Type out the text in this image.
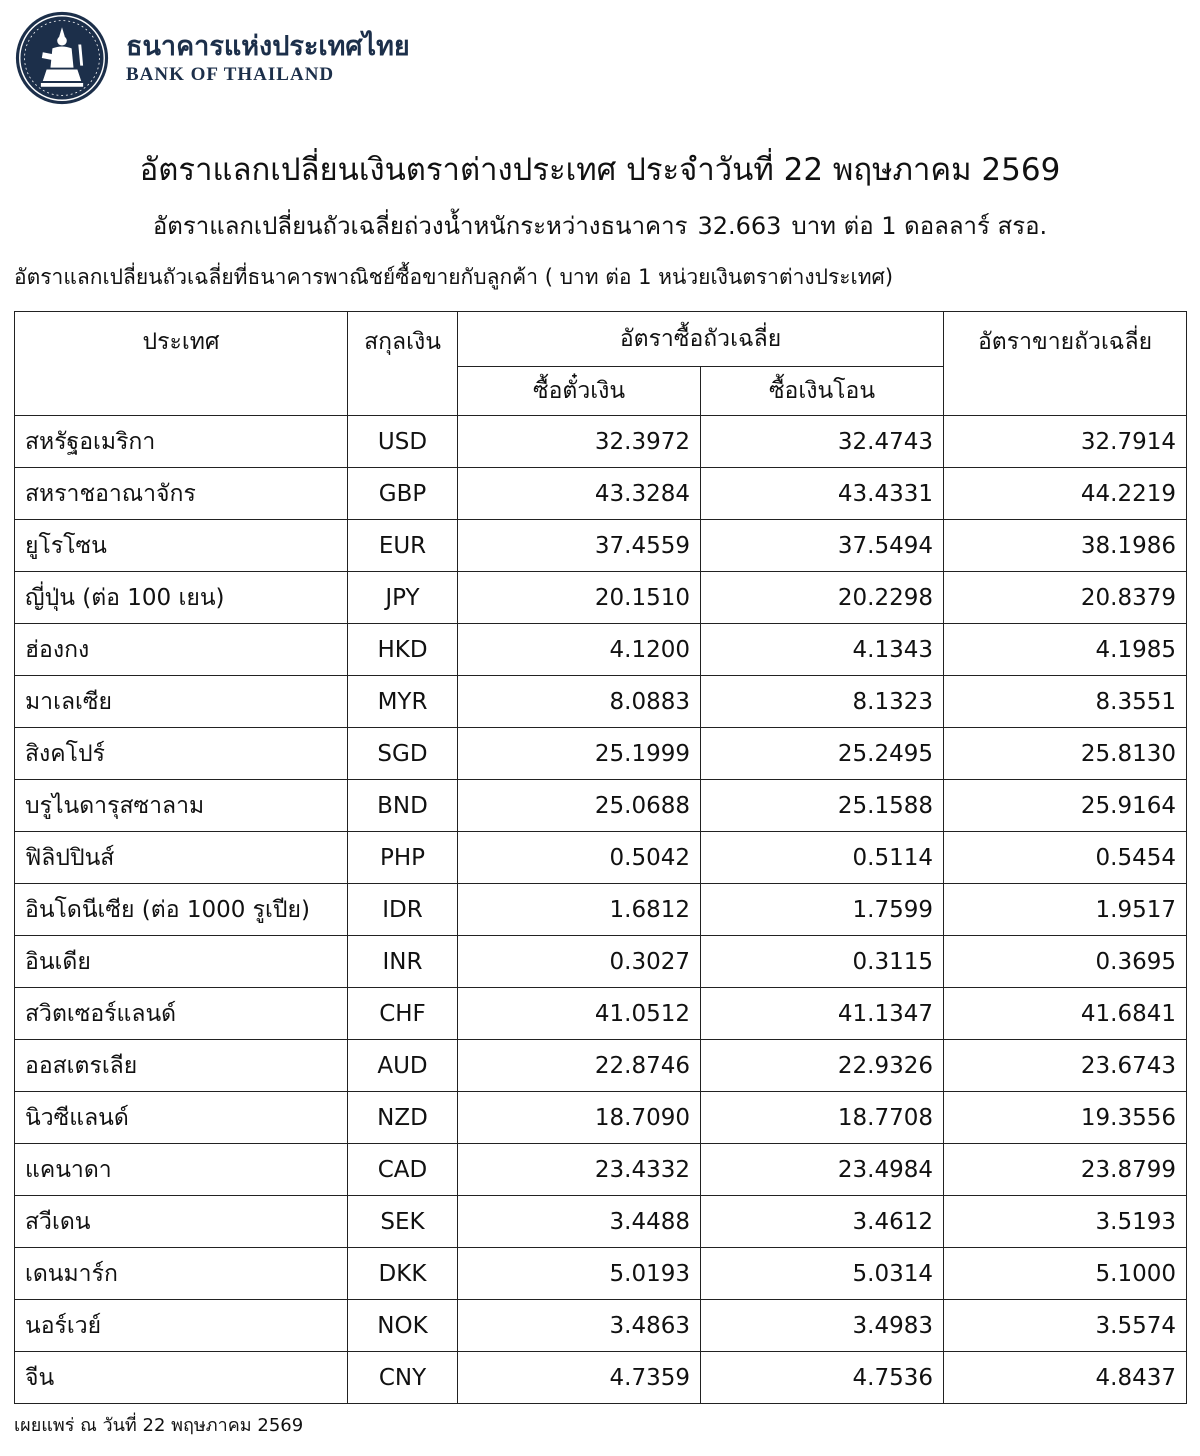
ธนาคารแห่งประเทศไทย
BANK OF THAILAND
อัตราแลกเปลี่ยนเงินตราต่างประเทศ ประจำวันที่ 22 พฤษภาคม 2569
อัตราแลกเปลี่ยนถัวเฉลี่ยถ่วงน้ำหนักระหว่างธนาคาร 32.663 บาท ต่อ 1 ดอลลาร์ สรอ.
อัตราแลกเปลี่ยนถัวเฉลี่ยที่ธนาคารพาณิชย์ซื้อขายกับลูกค้า ( บาท ต่อ 1 หน่วยเงินตราต่างประเทศ)
ประเทศ	สกุลเงิน	อัตราซื้อถัวเฉลี่ย		อัตราขายถัวเฉลี่ย
		ซื้อตั๋วเงิน	ซื้อเงินโอน	
สหรัฐอเมริกา	USD	32.3972	32.4743	32.7914
สหราชอาณาจักร	GBP	43.3284	43.4331	44.2219
ยูโรโซน	EUR	37.4559	37.5494	38.1986
ญี่ปุ่น (ต่อ 100 เยน)	JPY	20.1510	20.2298	20.8379
ฮ่องกง	HKD	4.1200	4.1343	4.1985
มาเลเซีย	MYR	8.0883	8.1323	8.3551
สิงคโปร์	SGD	25.1999	25.2495	25.8130
บรูไนดารุสซาลาม	BND	25.0688	25.1588	25.9164
ฟิลิปปินส์	PHP	0.5042	0.5114	0.5454
อินโดนีเซีย (ต่อ 1000 รูเปีย)	IDR	1.6812	1.7599	1.9517
อินเดีย	INR	0.3027	0.3115	0.3695
สวิตเซอร์แลนด์	CHF	41.0512	41.1347	41.6841
ออสเตรเลีย	AUD	22.8746	22.9326	23.6743
นิวซีแลนด์	NZD	18.7090	18.7708	19.3556
แคนาดา	CAD	23.4332	23.4984	23.8799
สวีเดน	SEK	3.4488	3.4612	3.5193
เดนมาร์ก	DKK	5.0193	5.0314	5.1000
นอร์เวย์	NOK	3.4863	3.4983	3.5574
จีน	CNY	4.7359	4.7536	4.8437
เผยแพร่ ณ วันที่ 22 พฤษภาคม 2569
